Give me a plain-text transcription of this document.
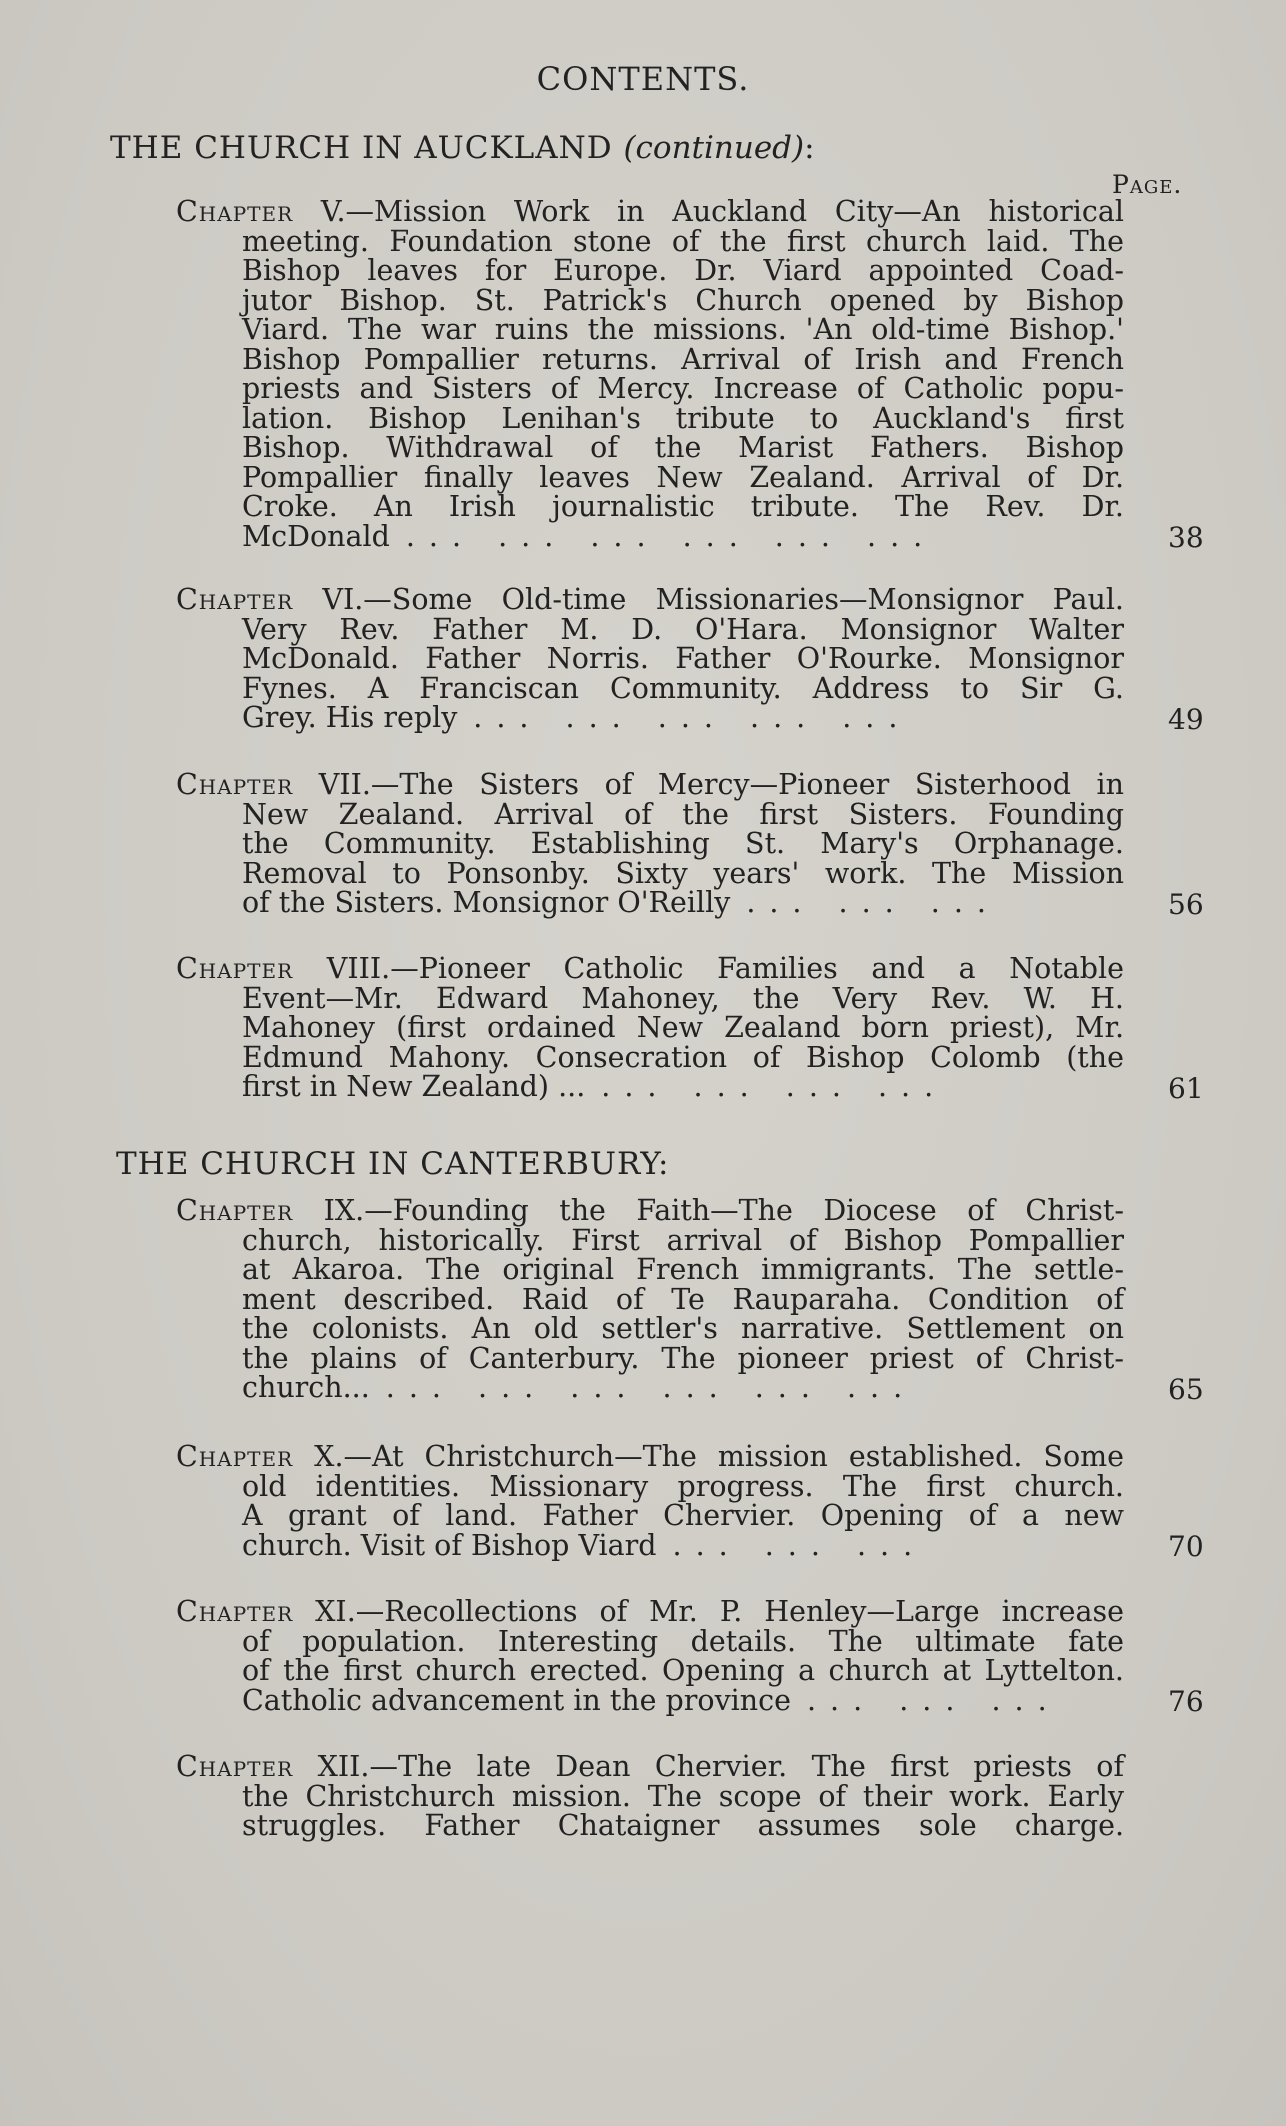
CONTENTS.
THE CHURCH IN AUCKLAND (continued):
Page.
Chapter V.—Mission Work in Auckland City—An historical
meeting. Foundation stone of the first church laid. The
Bishop leaves for Europe. Dr. Viard appointed Coad-
jutor Bishop. St. Patrick's Church opened by Bishop
Viard. The war ruins the missions. 'An old-time Bishop.'
Bishop Pompallier returns. Arrival of Irish and French
priests and Sisters of Mercy. Increase of Catholic popu-
lation. Bishop Lenihan's tribute to Auckland's first
Bishop. Withdrawal of the Marist Fathers. Bishop
Pompallier finally leaves New Zealand. Arrival of Dr.
Croke. An Irish journalistic tribute. The Rev. Dr.
McDonald ... ... ... ... ... ...	38
Chapter VI.—Some Old-time Missionaries—Monsignor Paul.
Very Rev. Father M. D. O'Hara. Monsignor Walter
McDonald. Father Norris. Father O'Rourke. Monsignor
Fynes. A Franciscan Community. Address to Sir G.
Grey. His reply ... ... ... ... ...	49
Chapter VII.—The Sisters of Mercy—Pioneer Sisterhood in
New Zealand. Arrival of the first Sisters. Founding
the Community. Establishing St. Mary's Orphanage.
Removal to Ponsonby. Sixty years' work. The Mission
of the Sisters. Monsignor O'Reilly ... ... ...	56
Chapter VIII.—Pioneer Catholic Families and a Notable
Event—Mr. Edward Mahoney, the Very Rev. W. H.
Mahoney (first ordained New Zealand born priest), Mr.
Edmund Mahony. Consecration of Bishop Colomb (the
first in New Zealand) ... ... ... ... ...	61
THE CHURCH IN CANTERBURY:
Chapter IX.—Founding the Faith—The Diocese of Christ-
church, historically. First arrival of Bishop Pompallier
at Akaroa. The original French immigrants. The settle-
ment described. Raid of Te Rauparaha. Condition of
the colonists. An old settler's narrative. Settlement on
the plains of Canterbury. The pioneer priest of Christ-
church... ... ... ... ... ... ...	65
Chapter X.—At Christchurch—The mission established. Some
old identities. Missionary progress. The first church.
A grant of land. Father Chervier. Opening of a new
church. Visit of Bishop Viard ... ... ...	70
Chapter XI.—Recollections of Mr. P. Henley—Large increase
of population. Interesting details. The ultimate fate
of the first church erected. Opening a church at Lyttelton.
Catholic advancement in the province ... ... ...	76
Chapter XII.—The late Dean Chervier. The first priests of
the Christchurch mission. The scope of their work. Early
struggles. Father Chataigner assumes sole charge.
